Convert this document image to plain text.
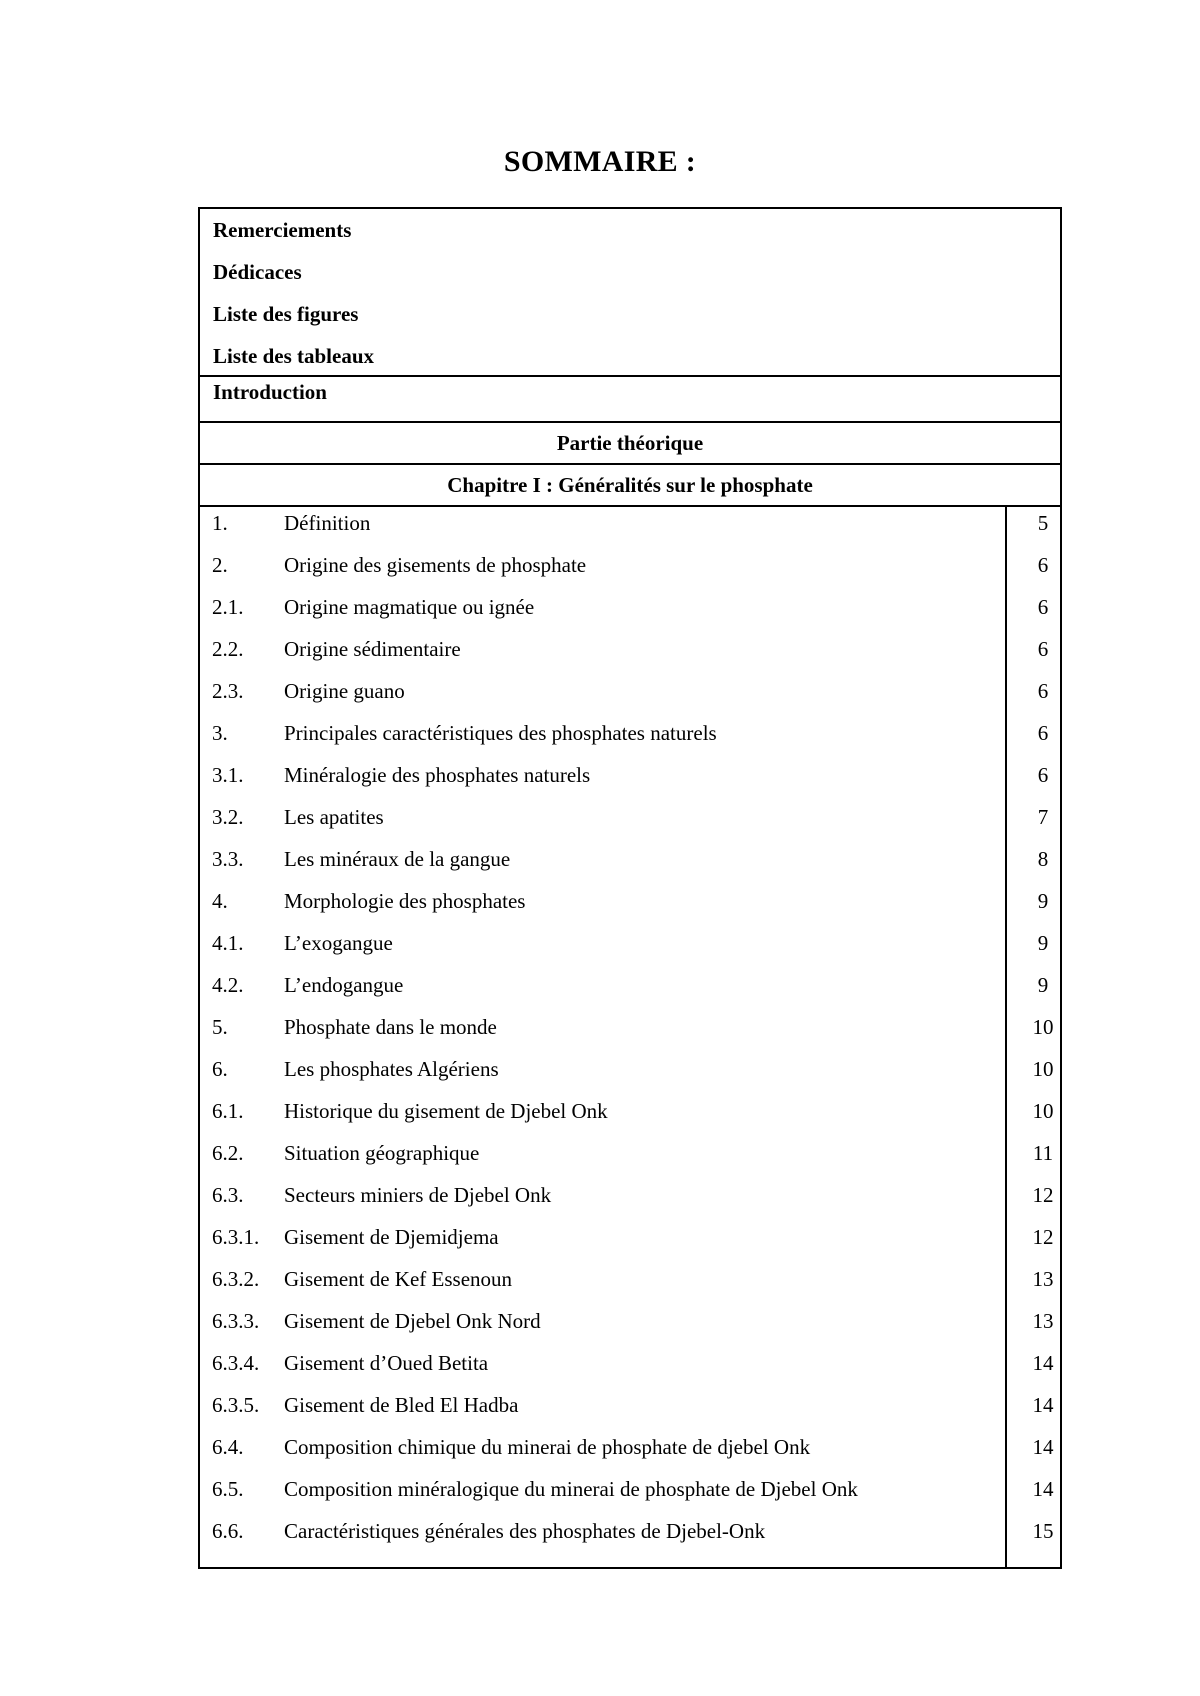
SOMMAIRE :
Remerciements
Dédicaces
Liste des figures
Liste des tableaux
Introduction
Partie théorique
Chapitre I : Généralités sur le phosphate
1.	Définition	5
2.	Origine des gisements de phosphate	6
2.1.	Origine magmatique ou ignée	6
2.2.	Origine sédimentaire	6
2.3.	Origine guano	6
3.	Principales caractéristiques des phosphates naturels	6
3.1.	Minéralogie des phosphates naturels	6
3.2.	Les apatites	7
3.3.	Les minéraux de la gangue	8
4.	Morphologie des phosphates	9
4.1.	L’exogangue	9
4.2.	L’endogangue	9
5.	Phosphate dans le monde	10
6.	Les phosphates Algériens	10
6.1.	Historique du gisement de Djebel Onk	10
6.2.	Situation géographique	11
6.3.	Secteurs miniers de Djebel Onk	12
6.3.1.	Gisement de Djemidjema	12
6.3.2.	Gisement de Kef Essenoun	13
6.3.3.	Gisement de Djebel Onk Nord	13
6.3.4.	Gisement d’Oued Betita	14
6.3.5.	Gisement de Bled El Hadba	14
6.4.	Composition chimique du minerai de phosphate de djebel Onk	14
6.5.	Composition minéralogique du minerai de phosphate de Djebel Onk	14
6.6.	Caractéristiques générales des phosphates de Djebel-Onk	15
